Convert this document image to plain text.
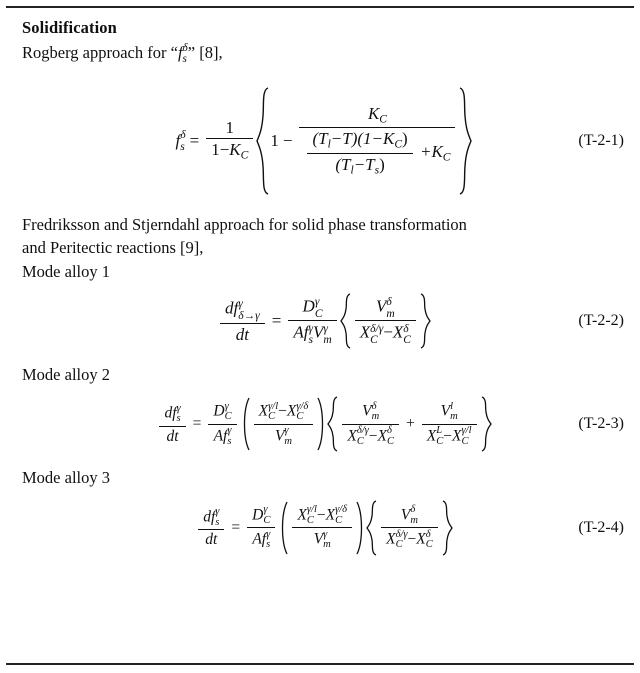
Solidification
Rogberg approach for “f δ
s ” [8],
f δ
$s = \frac{1}{1-K_C} 1$ −
$K_C$
$\frac{(T_l-T)(1-K_C)}{(T_l-T_s)} +K_C$
(T-2-1)
Fredriksson and Stjerndahl approach for solid phase transformation
and Peritectic reactions [9],
Mode alloy 1
df γ
δ→γ
dt = D γ
C
Af γ
s V γ
m V δ
m
X δ/γ
C −X δ
C	(T-2-2)
Mode alloy 2
df γ
s
dt = D γ
C
Af γ
s X γ/l
C −X γ/δ
C
V γ
m V δ
m
X δ/γ
C −X δ
C + V l
m
X L
C −X γ/l
C	(T-2-3)
Mode alloy 3
df γ
s
dt = D γ
C
Af γ
s X γ/l
C −X γ/δ
C
V γ
m V δ
m
X δ/γ
C −X δ
C	(T-2-4)
